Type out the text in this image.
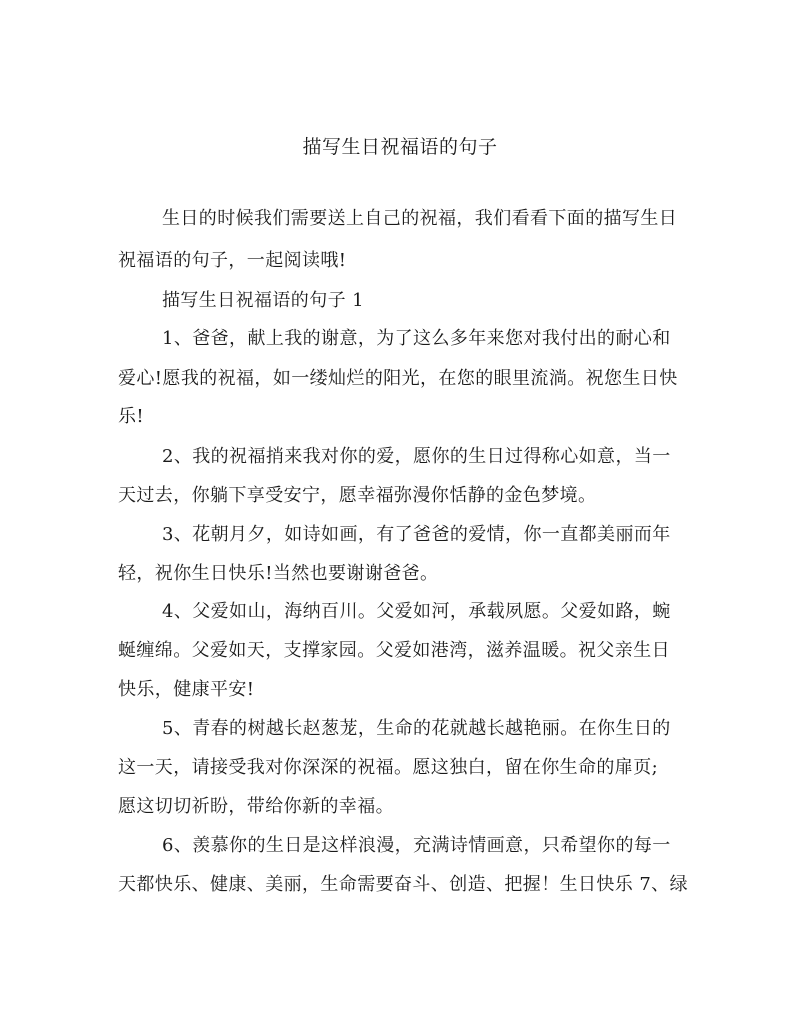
描写生日祝福语的句子
生日的时候我们需要送上自己的祝福，我们看看下面的描写生日
祝福语的句子，一起阅读哦!
描写生日祝福语的句子 1
1、爸爸，献上我的谢意，为了这么多年来您对我付出的耐心和
爱心!愿我的祝福，如一缕灿烂的阳光，在您的眼里流淌。祝您生日快
乐!
2、我的祝福捎来我对你的爱，愿你的生日过得称心如意，当一
天过去，你躺下享受安宁，愿幸福弥漫你恬静的金色梦境。
3、花朝月夕，如诗如画，有了爸爸的爱情，你一直都美丽而年
轻，祝你生日快乐!当然也要谢谢爸爸。
4、父爱如山，海纳百川。父爱如河，承载夙愿。父爱如路，蜿
蜒缠绵。父爱如天，支撑家园。父爱如港湾，滋养温暖。祝父亲生日
快乐，健康平安!
5、青春的树越长赵葱茏，生命的花就越长越艳丽。在你生日的
这一天，请接受我对你深深的祝福。愿这独白，留在你生命的扉页;
愿这切切祈盼，带给你新的幸福。
6、羡慕你的生日是这样浪漫，充满诗情画意，只希望你的每一
天都快乐、健康、美丽，生命需要奋斗、创造、把握！生日快乐 7、绿
